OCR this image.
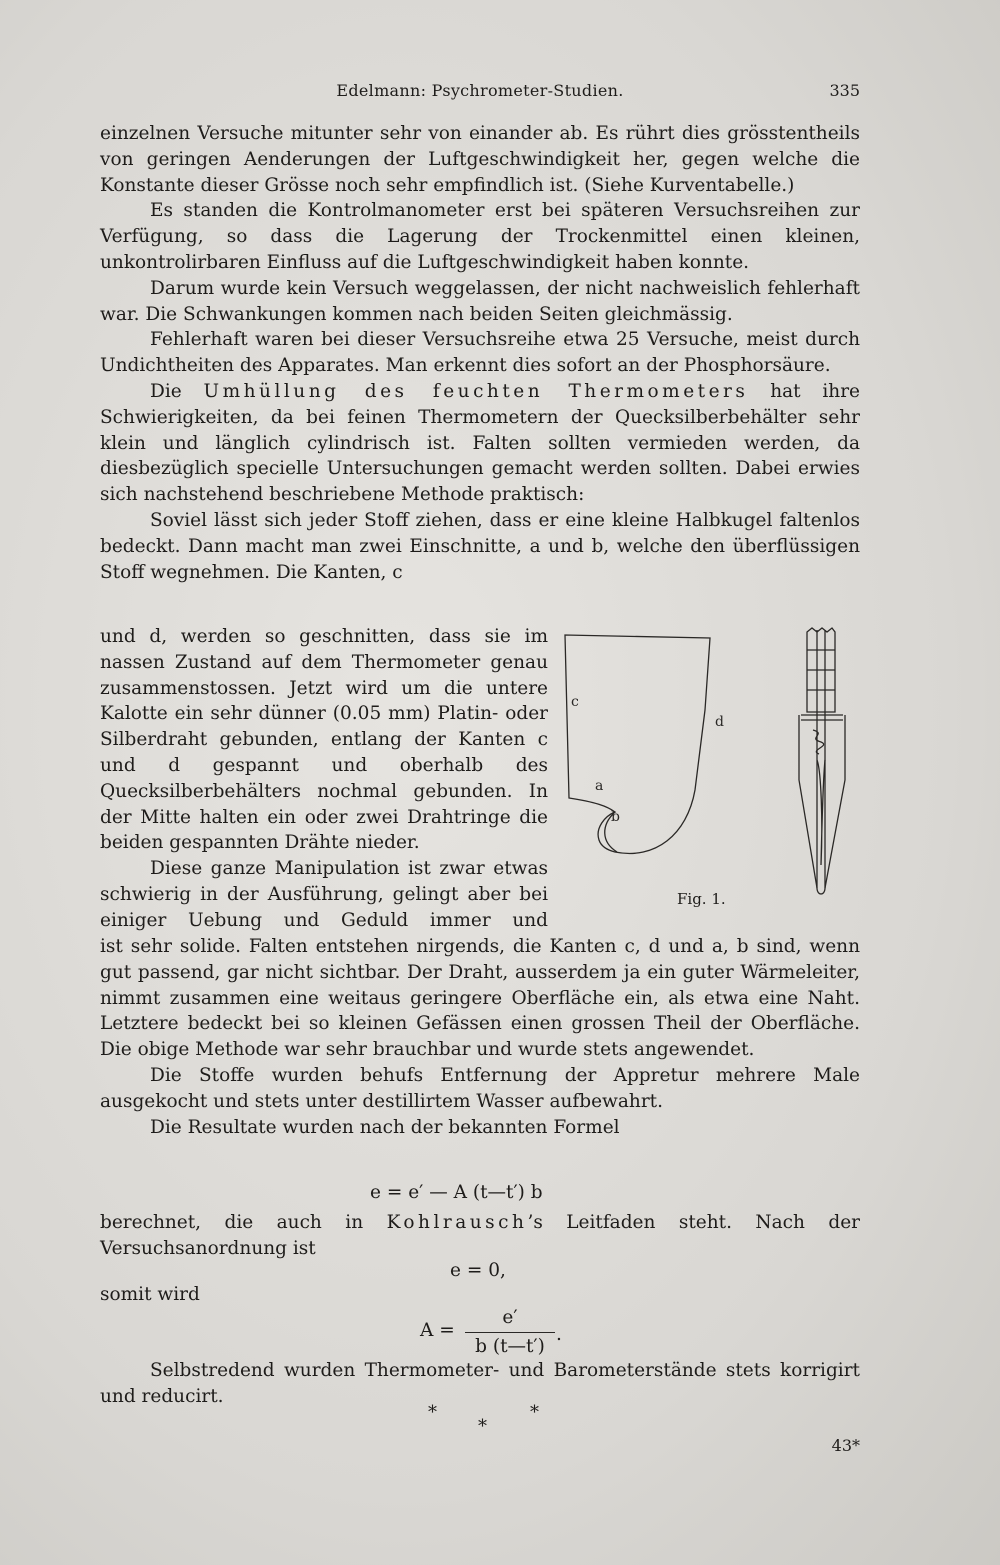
Edelmann: Psychrometer-Studien.	335

einzelnen Versuche mitunter sehr von einander ab. Es rührt dies grösstentheils

von geringen Aenderungen der Luftgeschwindigkeit her, gegen welche die

Konstante dieser Grösse noch sehr empfindlich ist. (Siehe Kurventabelle.)

Es standen die Kontrolmanometer erst bei späteren Versuchsreihen zur Verfügung, so dass die Lagerung der Trockenmittel einen kleinen, unkontrolirbaren Einfluss auf die Luftgeschwindigkeit haben konnte.

Darum wurde kein Versuch weggelassen, der nicht nachweislich fehlerhaft war. Die Schwankungen kommen nach beiden Seiten gleichmässig.

Fehlerhaft waren bei dieser Versuchsreihe etwa 25 Versuche, meist durch Undichtheiten des Apparates. Man erkennt dies sofort an der Phosphorsäure.

Die Umhüllung des feuchten Thermometers hat ihre Schwierigkeiten, da bei feinen Thermometern der Quecksilberbehälter sehr klein und länglich cylindrisch ist. Falten sollten vermieden werden, da diesbezüglich specielle Untersuchungen gemacht werden sollten. Dabei erwies sich nachstehend beschriebene Methode praktisch:

Soviel lässt sich jeder Stoff ziehen, dass er eine kleine Halbkugel faltenlos bedeckt. Dann macht man zwei Einschnitte, a und b, welche den überflüssigen Stoff wegnehmen. Die Kanten, c

und d, werden so geschnitten, dass sie im nassen Zustand auf dem Thermometer genau zusammenstossen. Jetzt wird um die untere Kalotte ein sehr dünner (0.05 mm) Platin- oder Silberdraht gebunden, entlang der Kanten c und d gespannt und oberhalb des Quecksilberbehälters nochmal gebunden. In der Mitte halten ein oder zwei Drahtringe die beiden gespannten Drähte nieder.

Diese ganze Manipulation ist zwar etwas schwierig in der Ausführung, gelingt aber bei einiger Uebung und Geduld immer und

c
d
a
b
Fig. 1.

ist sehr solide. Falten entstehen nirgends, die Kanten c, d und a, b sind, wenn gut passend, gar nicht sichtbar. Der Draht, ausserdem ja ein guter Wärmeleiter, nimmt zusammen eine weitaus geringere Oberfläche ein, als etwa eine Naht. Letztere bedeckt bei so kleinen Gefässen einen grossen Theil der Oberfläche. Die obige Methode war sehr brauchbar und wurde stets angewendet.

Die Stoffe wurden behufs Entfernung der Appretur mehrere Male ausgekocht und stets unter destillirtem Wasser aufbewahrt.

Die Resultate wurden nach der bekannten Formel

e = e′ — A (t—t′) b

berechnet, die auch in Kohlrausch’s Leitfaden steht. Nach der Versuchsanordnung ist

e = 0,
somit wird
A =
e′
b (t—t′)
.

Selbstredend wurden Thermometer- und Barometerstände stets korrigirt und reducirt.

*
*
*
43*
